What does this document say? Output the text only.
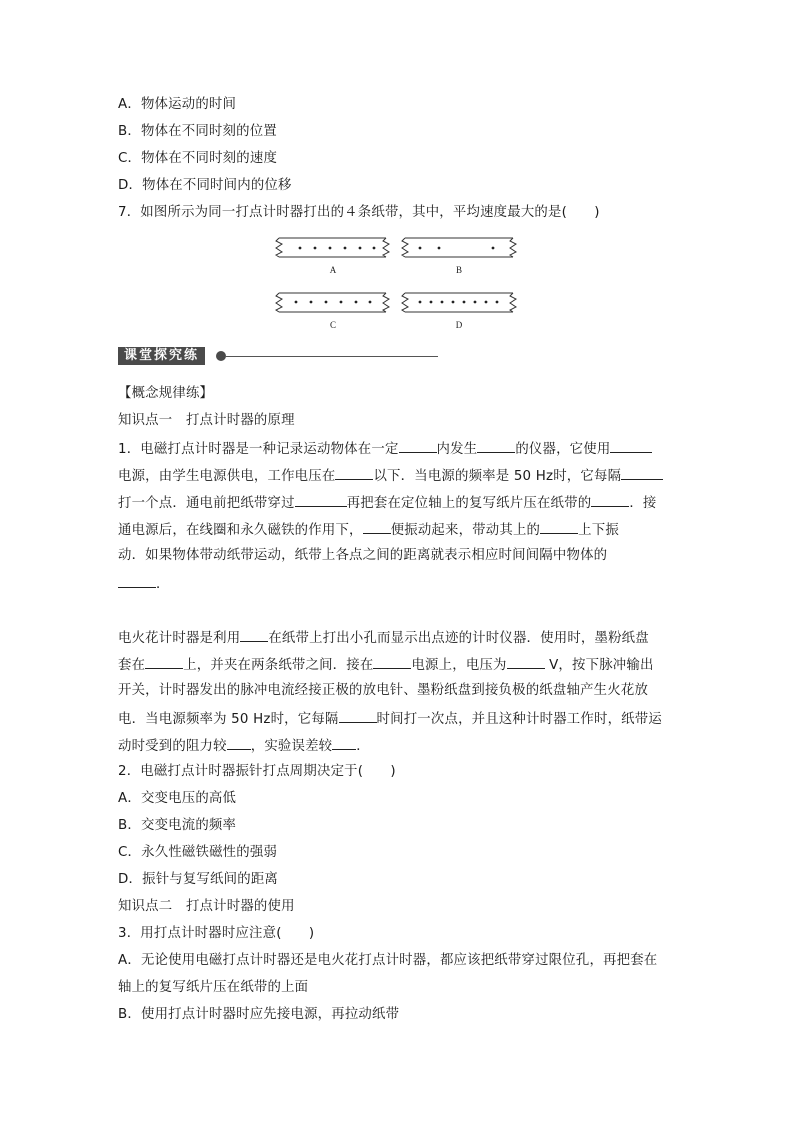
A．物体运动的时间
B．物体在不同时刻的位置
C．物体在不同时刻的速度
D．物体在不同时间内的位移
7．如图所示为同一打点计时器打出的４条纸带，其中，平均速度最大的是(　　)
A	B
C	D
课堂探究练
【概念规律练】
知识点一　打点计时器的原理
1．电磁打点计时器是一种记录运动物体在一定	内发生	的仪器，它使用
电源，由学生电源供电，工作电压在	以下．当电源的频率是 50 Hz时，它每隔
打一个点．通电前把纸带穿过	再把套在定位轴上的复写纸片压在纸带的	．接
通电源后，在线圈和永久磁铁的作用下， 便振动起来，带动其上的	上下振
动．如果物体带动纸带运动，纸带上各点之间的距离就表示相应时间间隔中物体的
．
电火花计时器是利用 在纸带上打出小孔而显示出点迹的计时仪器．使用时，墨粉纸盘
套在	上，并夹在两条纸带之间．接在	电源上，电压为	V，按下脉冲输出
开关，计时器发出的脉冲电流经接正极的放电针、墨粉纸盘到接负极的纸盘轴产生火花放
电．当电源频率为 50 Hz时，它每隔	时间打一次点，并且这种计时器工作时，纸带运
动时受到的阻力较 ，实验误差较 ．
2．电磁打点计时器振针打点周期决定于(　　)
A．交变电压的高低
B．交变电流的频率
C．永久性磁铁磁性的强弱
D．振针与复写纸间的距离
知识点二　打点计时器的使用
3．用打点计时器时应注意(　　)
A．无论使用电磁打点计时器还是电火花打点计时器，都应该把纸带穿过限位孔，再把套在
轴上的复写纸片压在纸带的上面
B．使用打点计时器时应先接电源，再拉动纸带
